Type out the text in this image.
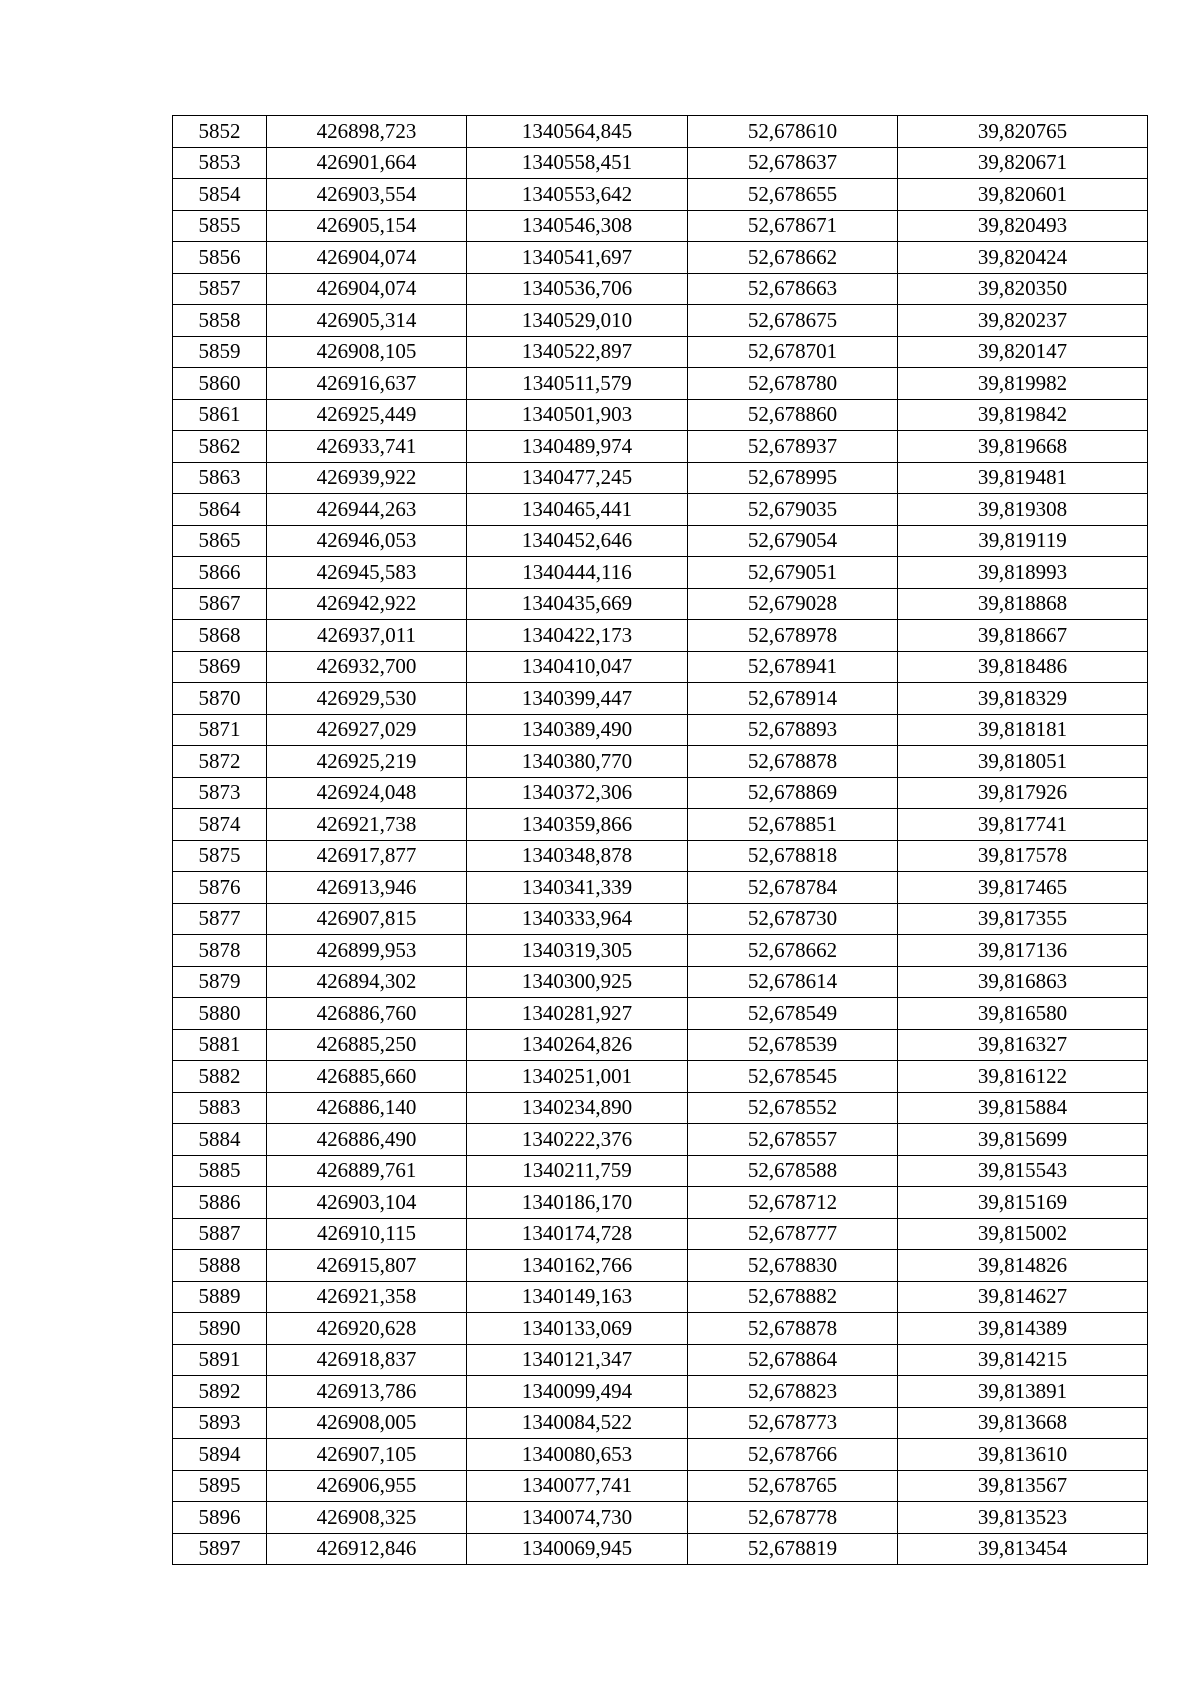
5852	426898,723	1340564,845	52,678610	39,820765
5853	426901,664	1340558,451	52,678637	39,820671
5854	426903,554	1340553,642	52,678655	39,820601
5855	426905,154	1340546,308	52,678671	39,820493
5856	426904,074	1340541,697	52,678662	39,820424
5857	426904,074	1340536,706	52,678663	39,820350
5858	426905,314	1340529,010	52,678675	39,820237
5859	426908,105	1340522,897	52,678701	39,820147
5860	426916,637	1340511,579	52,678780	39,819982
5861	426925,449	1340501,903	52,678860	39,819842
5862	426933,741	1340489,974	52,678937	39,819668
5863	426939,922	1340477,245	52,678995	39,819481
5864	426944,263	1340465,441	52,679035	39,819308
5865	426946,053	1340452,646	52,679054	39,819119
5866	426945,583	1340444,116	52,679051	39,818993
5867	426942,922	1340435,669	52,679028	39,818868
5868	426937,011	1340422,173	52,678978	39,818667
5869	426932,700	1340410,047	52,678941	39,818486
5870	426929,530	1340399,447	52,678914	39,818329
5871	426927,029	1340389,490	52,678893	39,818181
5872	426925,219	1340380,770	52,678878	39,818051
5873	426924,048	1340372,306	52,678869	39,817926
5874	426921,738	1340359,866	52,678851	39,817741
5875	426917,877	1340348,878	52,678818	39,817578
5876	426913,946	1340341,339	52,678784	39,817465
5877	426907,815	1340333,964	52,678730	39,817355
5878	426899,953	1340319,305	52,678662	39,817136
5879	426894,302	1340300,925	52,678614	39,816863
5880	426886,760	1340281,927	52,678549	39,816580
5881	426885,250	1340264,826	52,678539	39,816327
5882	426885,660	1340251,001	52,678545	39,816122
5883	426886,140	1340234,890	52,678552	39,815884
5884	426886,490	1340222,376	52,678557	39,815699
5885	426889,761	1340211,759	52,678588	39,815543
5886	426903,104	1340186,170	52,678712	39,815169
5887	426910,115	1340174,728	52,678777	39,815002
5888	426915,807	1340162,766	52,678830	39,814826
5889	426921,358	1340149,163	52,678882	39,814627
5890	426920,628	1340133,069	52,678878	39,814389
5891	426918,837	1340121,347	52,678864	39,814215
5892	426913,786	1340099,494	52,678823	39,813891
5893	426908,005	1340084,522	52,678773	39,813668
5894	426907,105	1340080,653	52,678766	39,813610
5895	426906,955	1340077,741	52,678765	39,813567
5896	426908,325	1340074,730	52,678778	39,813523
5897	426912,846	1340069,945	52,678819	39,813454
